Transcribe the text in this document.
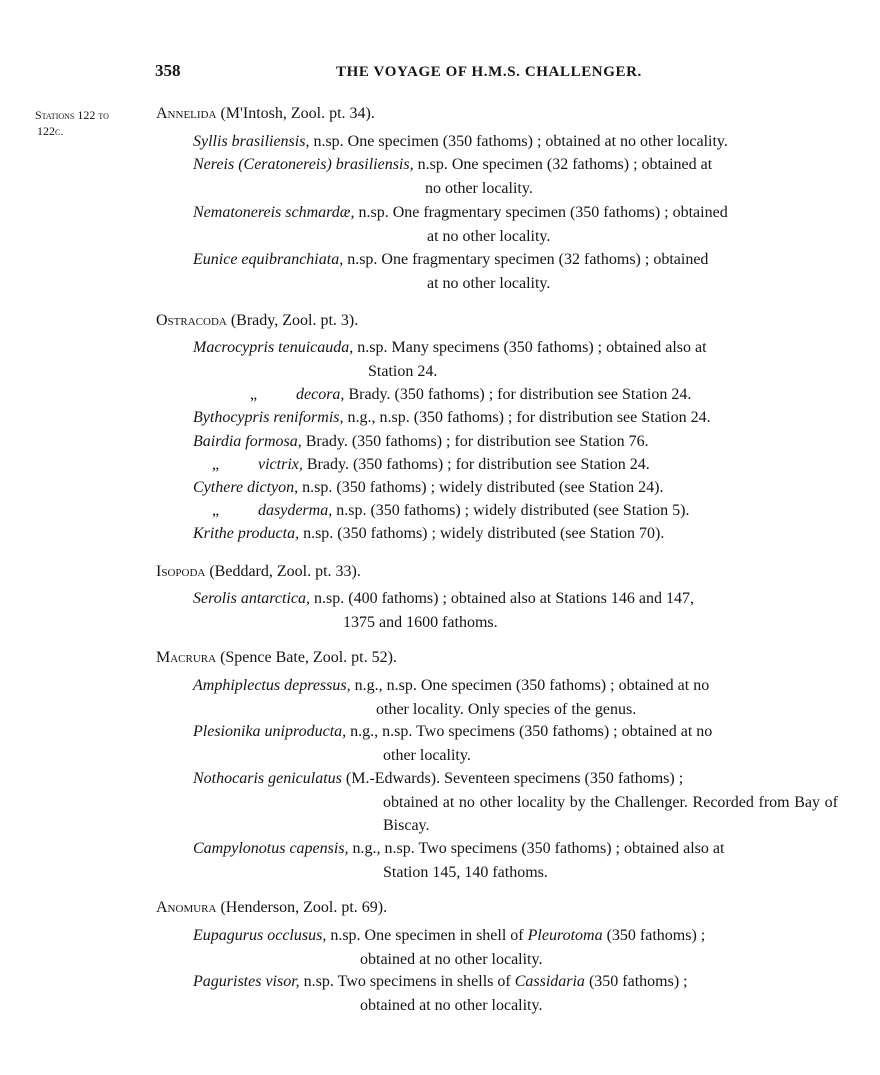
358	THE VOYAGE OF H.M.S. CHALLENGER.
Stations 122 to
122c.
Annelida (M'Intosh, Zool. pt. 34).
Syllis brasiliensis, n.sp. One specimen (350 fathoms) ; obtained at no other locality.
Nereis (Ceratonereis) brasiliensis, n.sp. One specimen (32 fathoms) ; obtained at
no other locality.
Nematonereis schmardæ, n.sp. One fragmentary specimen (350 fathoms) ; obtained
at no other locality.
Eunice equibranchiata, n.sp. One fragmentary specimen (32 fathoms) ; obtained
at no other locality.
Ostracoda (Brady, Zool. pt. 3).
Macrocypris tenuicauda, n.sp. Many specimens (350 fathoms) ; obtained also at
Station 24.
„ decora, Brady. (350 fathoms) ; for distribution see Station 24.
Bythocypris reniformis, n.g., n.sp. (350 fathoms) ; for distribution see Station 24.
Bairdia formosa, Brady. (350 fathoms) ; for distribution see Station 76.
„ victrix, Brady. (350 fathoms) ; for distribution see Station 24.
Cythere dictyon, n.sp. (350 fathoms) ; widely distributed (see Station 24).
„ dasyderma, n.sp. (350 fathoms) ; widely distributed (see Station 5).
Krithe producta, n.sp. (350 fathoms) ; widely distributed (see Station 70).
Isopoda (Beddard, Zool. pt. 33).
Serolis antarctica, n.sp. (400 fathoms) ; obtained also at Stations 146 and 147,
1375 and 1600 fathoms.
Macrura (Spence Bate, Zool. pt. 52).
Amphiplectus depressus, n.g., n.sp. One specimen (350 fathoms) ; obtained at no
other locality. Only species of the genus.
Plesionika uniproducta, n.g., n.sp. Two specimens (350 fathoms) ; obtained at no
other locality.
Nothocaris geniculatus (M.-Edwards). Seventeen specimens (350 fathoms) ;
obtained at no other locality by the Challenger. Recorded from Bay of Biscay.
Campylonotus capensis, n.g., n.sp. Two specimens (350 fathoms) ; obtained also at
Station 145, 140 fathoms.
Anomura (Henderson, Zool. pt. 69).
Eupagurus occlusus, n.sp. One specimen in shell of Pleurotoma (350 fathoms) ;
obtained at no other locality.
Paguristes visor, n.sp. Two specimens in shells of Cassidaria (350 fathoms) ;
obtained at no other locality.
